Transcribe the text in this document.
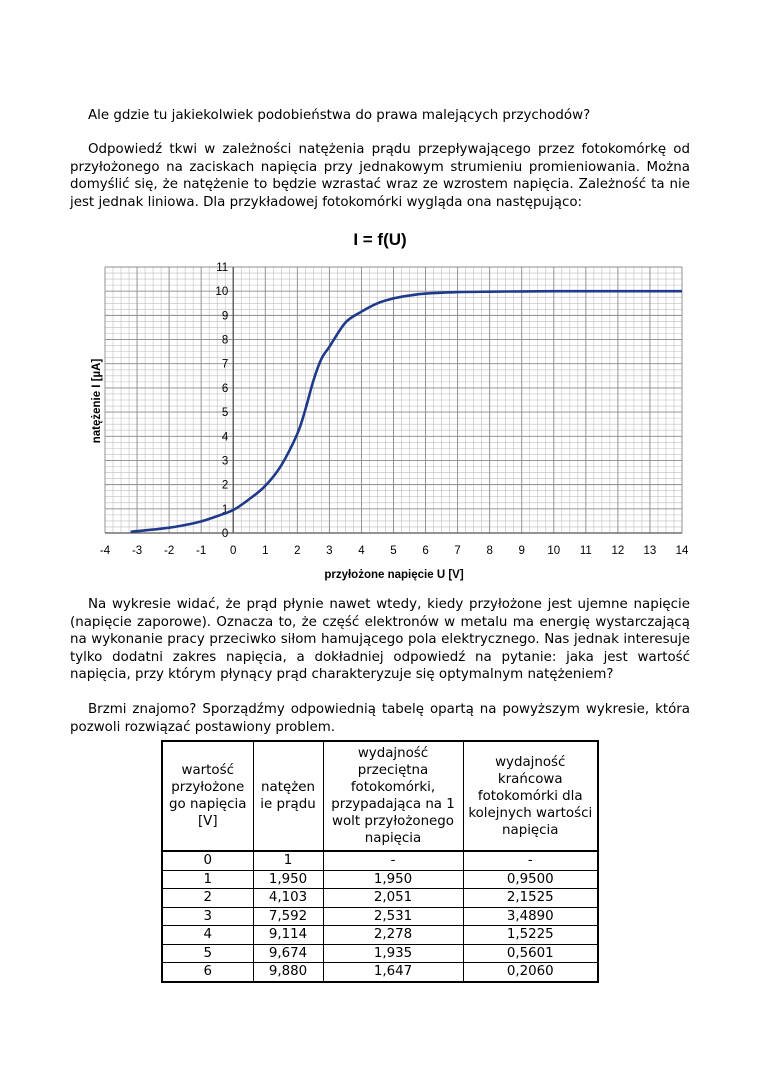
Ale gdzie tu jakiekolwiek podobieństwa do prawa malejących przychodów?

Odpowiedź tkwi w zależności natężenia prądu przepływającego przez fotokomórkę od przyłożonego na zaciskach napięcia przy jednakowym strumieniu promieniowania. Można domyślić się, że natężenie to będzie wzrastać wraz ze wzrostem napięcia. Zależność ta nie jest jednak liniowa. Dla przykładowej fotokomórki wygląda ona następująco:

I = f(U)
-4 -3 -2 -1 0 1 2 3 4 5 6 7 8 9 10 11 12 13 14
0
1
2
3
4
5
6
7
8
9
10
11
przyłożone napięcie U [V]
natężenie I [µA]

Na wykresie widać, że prąd płynie nawet wtedy, kiedy przyłożone jest ujemne napięcie (napięcie zaporowe). Oznacza to, że część elektronów w metalu ma energię wystarczającą na wykonanie pracy przeciwko siłom hamującego pola elektrycznego. Nas jednak interesuje tylko dodatni zakres napięcia, a dokładniej odpowiedź na pytanie: jaka jest wartość napięcia, przy którym płynący prąd charakteryzuje się optymalnym natężeniem?

Brzmi znajomo? Sporządźmy odpowiednią tabelę opartą na powyższym wykresie, która pozwoli rozwiązać postawiony problem.

wartość przyłożone go napięcia [V]	natężen ie prądu	wydajność przeciętna fotokomórki, przypadająca na 1 wolt przyłożonego napięcia	wydajność krańcowa fotokomórki dla kolejnych wartości napięcia
0	1	-	-
1	1,950	1,950	0,9500
2	4,103	2,051	2,1525
3	7,592	2,531	3,4890
4	9,114	2,278	1,5225
5	9,674	1,935	0,5601
6	9,880	1,647	0,2060
